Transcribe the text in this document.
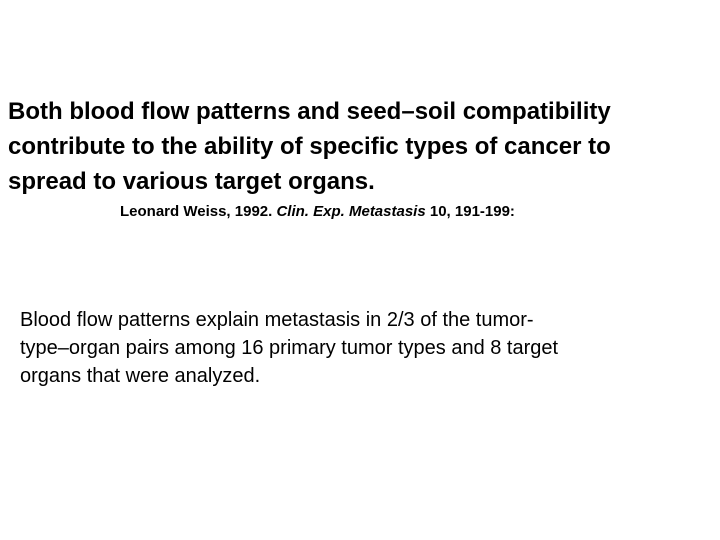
Both blood flow patterns and seed–soil compatibility
contribute to the ability of specific types of cancer to
spread to various target organs.
Leonard Weiss, 1992. Clin. Exp. Metastasis 10, 191-199:

Blood flow patterns explain metastasis in 2/3 of the tumor-
type–organ pairs among 16 primary tumor types and 8 target
organs that were analyzed.
